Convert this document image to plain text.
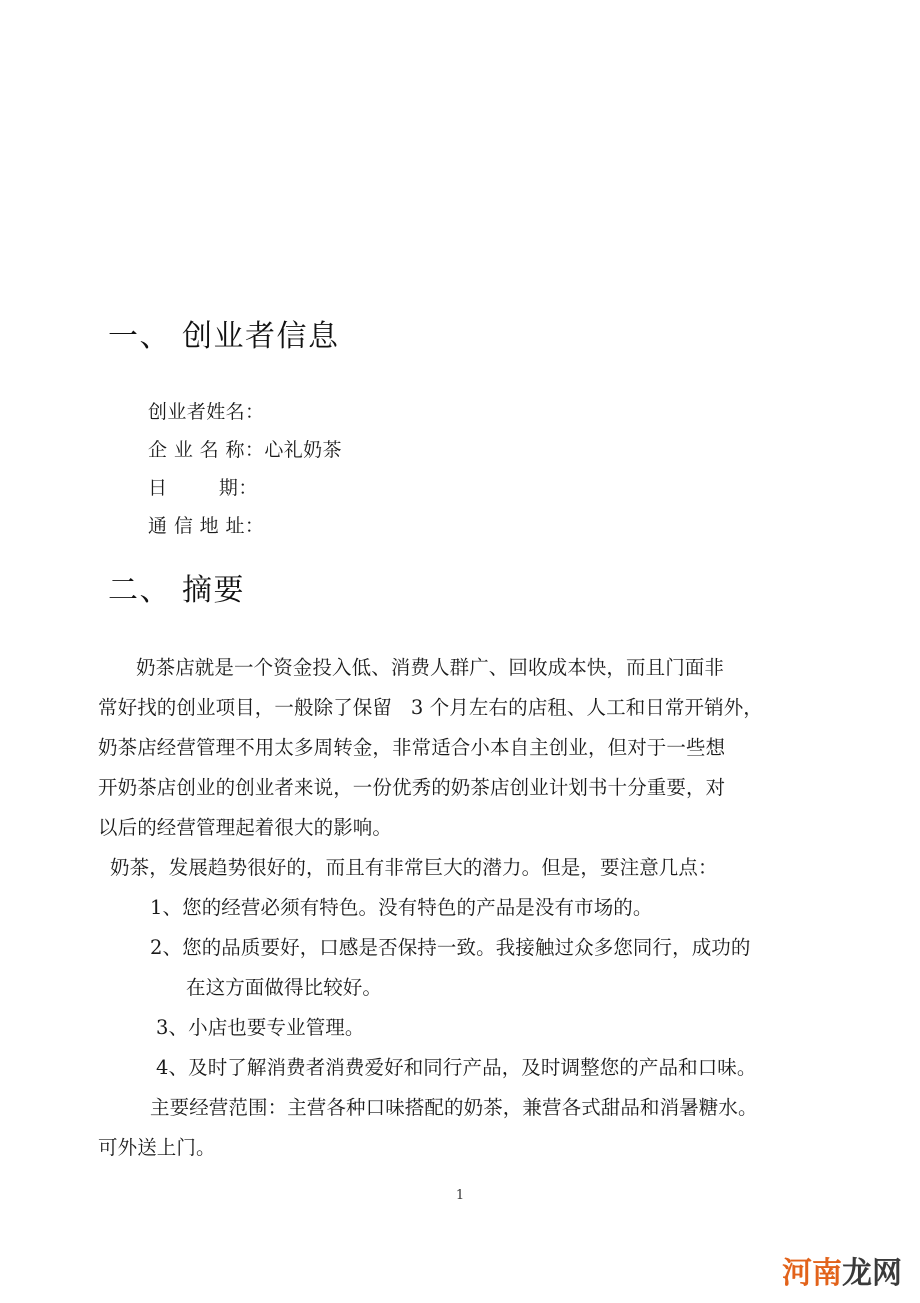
一、 创业者信息
创业者姓名：
企 业 名 称：心礼奶茶
日        期：
通 信 地 址：
二、 摘要
奶茶店就是一个资金投入低、消费人群广、回收成本快，而且门面非
常好找的创业项目，一般除了保留   3 个月左右的店租、人工和日常开销外，
奶茶店经营管理不用太多周转金，非常适合小本自主创业，但对于一些想
开奶茶店创业的创业者来说，一份优秀的奶茶店创业计划书十分重要，对
以后的经营管理起着很大的影响。
奶茶，发展趋势很好的，而且有非常巨大的潜力。但是，要注意几点：
1、您的经营必须有特色。没有特色的产品是没有市场的。
2、您的品质要好，口感是否保持一致。我接触过众多您同行，成功的
在这方面做得比较好。
3、小店也要专业管理。
4、及时了解消费者消费爱好和同行产品，及时调整您的产品和口味。
主要经营范围：主营各种口味搭配的奶茶，兼营各式甜品和消暑糖水。
可外送上门。
1
河南龙网
